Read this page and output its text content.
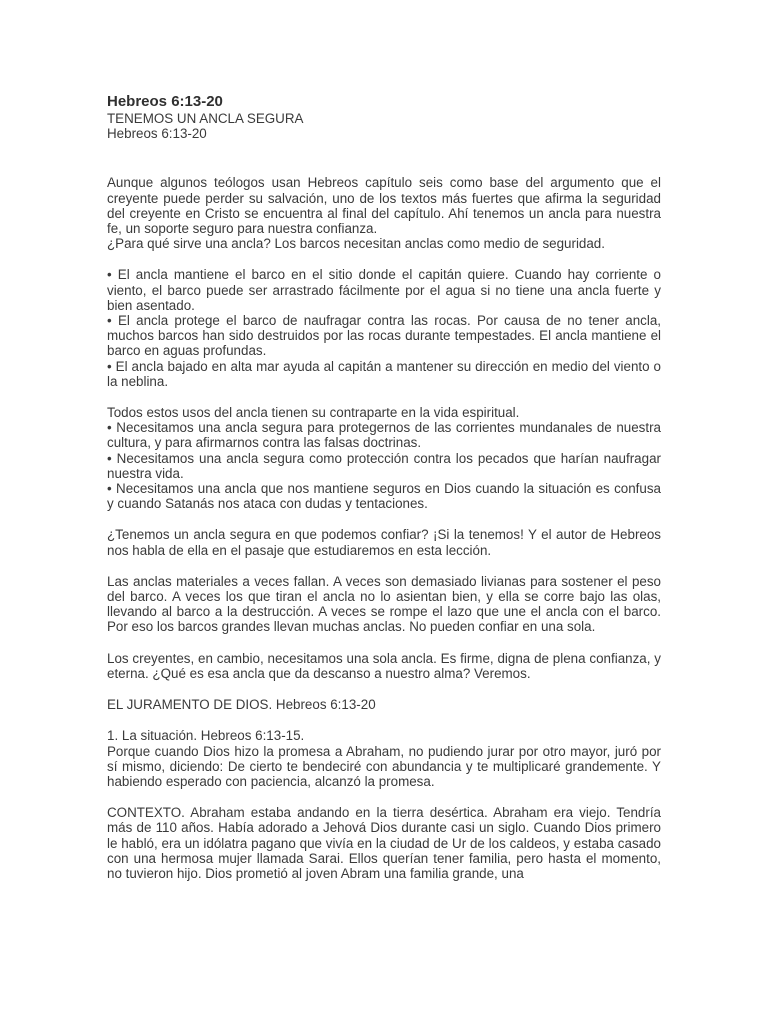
Hebreos 6:13-20

TENEMOS UN ANCLA SEGURA

Hebreos 6:13-20

Aunque algunos teólogos usan Hebreos capítulo seis como base del argumento que el creyente puede perder su salvación, uno de los textos más fuertes que afirma la seguridad del creyente en Cristo se encuentra al final del capítulo. Ahí tenemos un ancla para nuestra fe, un soporte seguro para nuestra confianza.

¿Para qué sirve una ancla? Los barcos necesitan anclas como medio de seguridad.

• El ancla mantiene el barco en el sitio donde el capitán quiere. Cuando hay corriente o viento, el barco puede ser arrastrado fácilmente por el agua si no tiene una ancla fuerte y bien asentado.

• El ancla protege el barco de naufragar contra las rocas. Por causa de no tener ancla, muchos barcos han sido destruidos por las rocas durante tempestades. El ancla mantiene el barco en aguas profundas.

• El ancla bajado en alta mar ayuda al capitán a mantener su dirección en medio del viento o la neblina.

Todos estos usos del ancla tienen su contraparte en la vida espiritual.

• Necesitamos una ancla segura para protegernos de las corrientes mundanales de nuestra cultura, y para afirmarnos contra las falsas doctrinas.

• Necesitamos una ancla segura como protección contra los pecados que harían naufragar nuestra vida.

• Necesitamos una ancla que nos mantiene seguros en Dios cuando la situación es confusa y cuando Satanás nos ataca con dudas y tentaciones.

¿Tenemos un ancla segura en que podemos confiar? ¡Si la tenemos! Y el autor de Hebreos nos habla de ella en el pasaje que estudiaremos en esta lección.

Las anclas materiales a veces fallan. A veces son demasiado livianas para sostener el peso del barco. A veces los que tiran el ancla no lo asientan bien, y ella se corre bajo las olas, llevando al barco a la destrucción. A veces se rompe el lazo que une el ancla con el barco. Por eso los barcos grandes llevan muchas anclas. No pueden confiar en una sola.

Los creyentes, en cambio, necesitamos una sola ancla. Es firme, digna de plena confianza, y eterna. ¿Qué es esa ancla que da descanso a nuestro alma? Veremos.

EL JURAMENTO DE DIOS. Hebreos 6:13-20

1. La situación. Hebreos 6:13-15.

Porque cuando Dios hizo la promesa a Abraham, no pudiendo jurar por otro mayor, juró por sí mismo, diciendo: De cierto te bendeciré con abundancia y te multiplicaré grandemente. Y habiendo esperado con paciencia, alcanzó la promesa.

CONTEXTO. Abraham estaba andando en la tierra desértica. Abraham era viejo. Tendría más de 110 años. Había adorado a Jehová Dios durante casi un siglo. Cuando Dios primero le habló, era un idólatra pagano que vivía en la ciudad de Ur de los caldeos, y estaba casado con una hermosa mujer llamada Sarai. Ellos querían tener familia, pero hasta el momento, no tuvieron hijo. Dios prometió al joven Abram una familia grande, una
